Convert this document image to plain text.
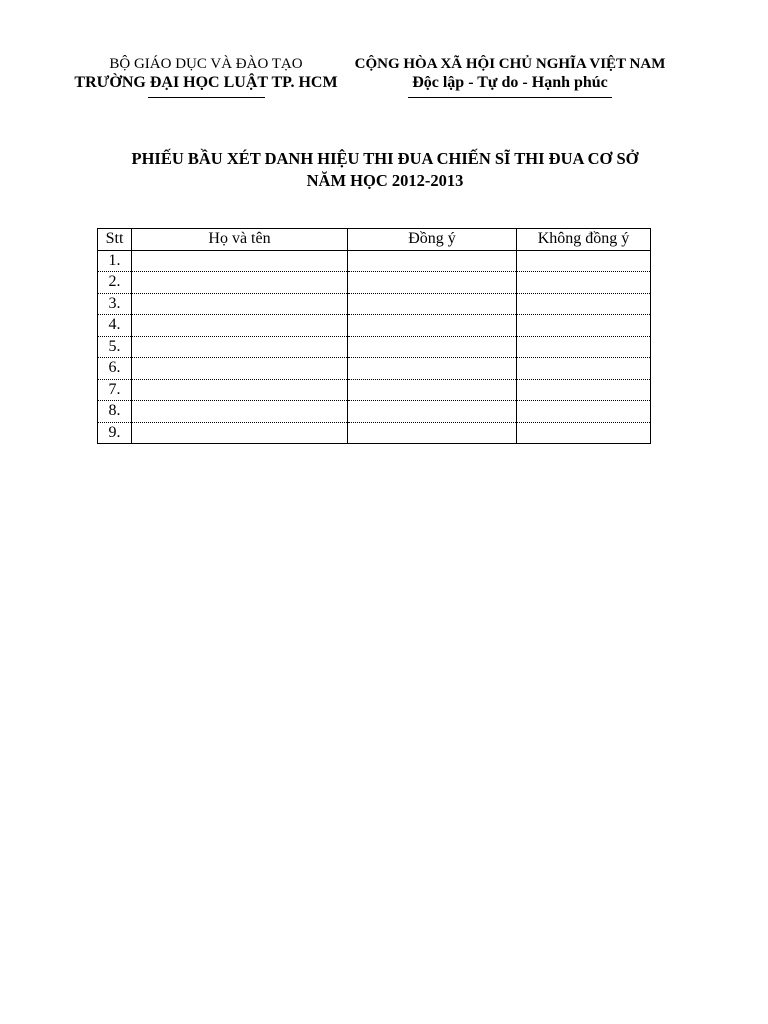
BỘ GIÁO DỤC VÀ ĐÀO TẠO
TRƯỜNG ĐẠI HỌC LUẬT TP. HCM
CỘNG HÒA XÃ HỘI CHỦ NGHĨA VIỆT NAM
Độc lập - Tự do - Hạnh phúc
PHIẾU BẦU XÉT DANH HIỆU THI ĐUA CHIẾN SĨ THI ĐUA CƠ SỞ
NĂM HỌC 2012-2013
Stt	Họ và tên	Đồng ý	Không đồng ý
1.			
2.			
3.			
4.			
5.			
6.			
7.			
8.			
9.			
